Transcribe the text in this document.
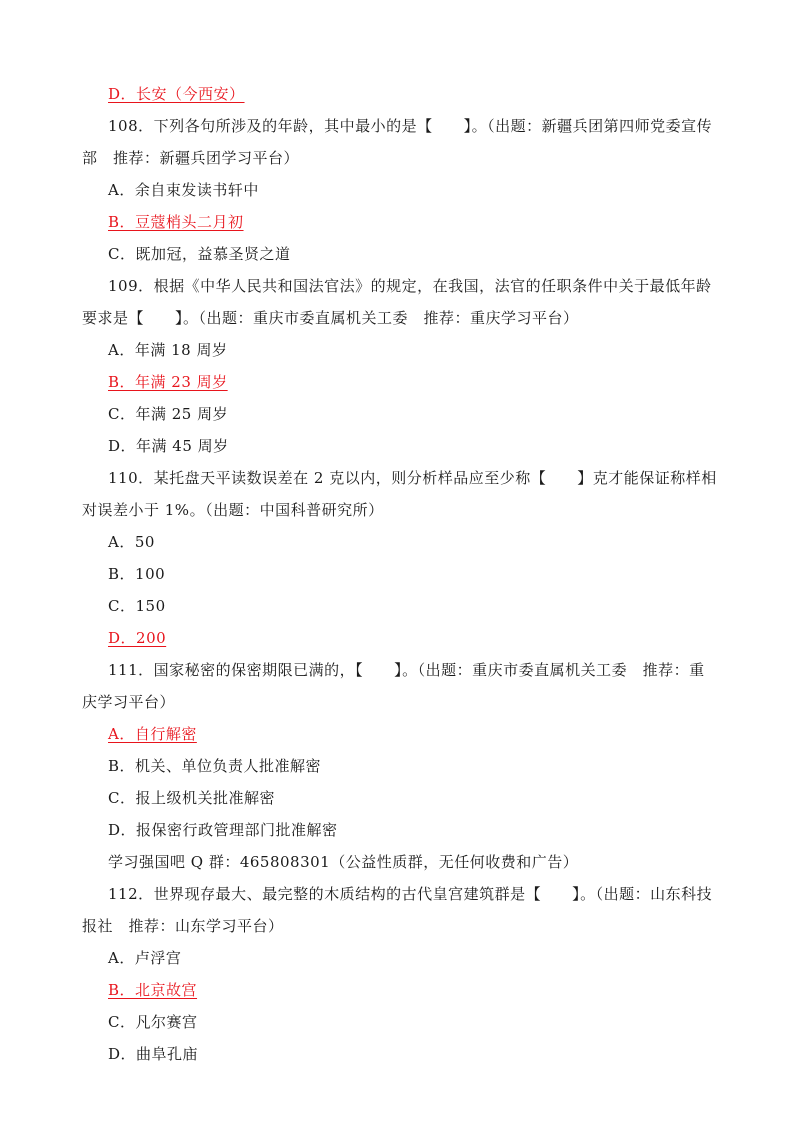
D．长安（今西安）
108．下列各句所涉及的年龄，其中最小的是【　　】。（出题：新疆兵团第四师党委宣传
部　推荐：新疆兵团学习平台）
A．余自束发读书轩中
B．豆蔻梢头二月初
C．既加冠，益慕圣贤之道
109．根据《中华人民共和国法官法》的规定，在我国，法官的任职条件中关于最低年龄
要求是【　　】。（出题：重庆市委直属机关工委　推荐：重庆学习平台）
A．年满 18 周岁
B．年满 23 周岁
C．年满 25 周岁
D．年满 45 周岁
110．某托盘天平读数误差在 2 克以内，则分析样品应至少称【　　】克才能保证称样相
对误差小于 1%。（出题：中国科普研究所）
A．50
B．100
C．150
D．200
111．国家秘密的保密期限已满的，【　　】。（出题：重庆市委直属机关工委　推荐：重
庆学习平台）
A．自行解密
B．机关、单位负责人批准解密
C．报上级机关批准解密
D．报保密行政管理部门批准解密
学习强国吧 Q 群：465808301（公益性质群，无任何收费和广告）
112．世界现存最大、最完整的木质结构的古代皇宫建筑群是【　　】。（出题：山东科技
报社　推荐：山东学习平台）
A．卢浮宫
B．北京故宫
C．凡尔赛宫
D．曲阜孔庙
